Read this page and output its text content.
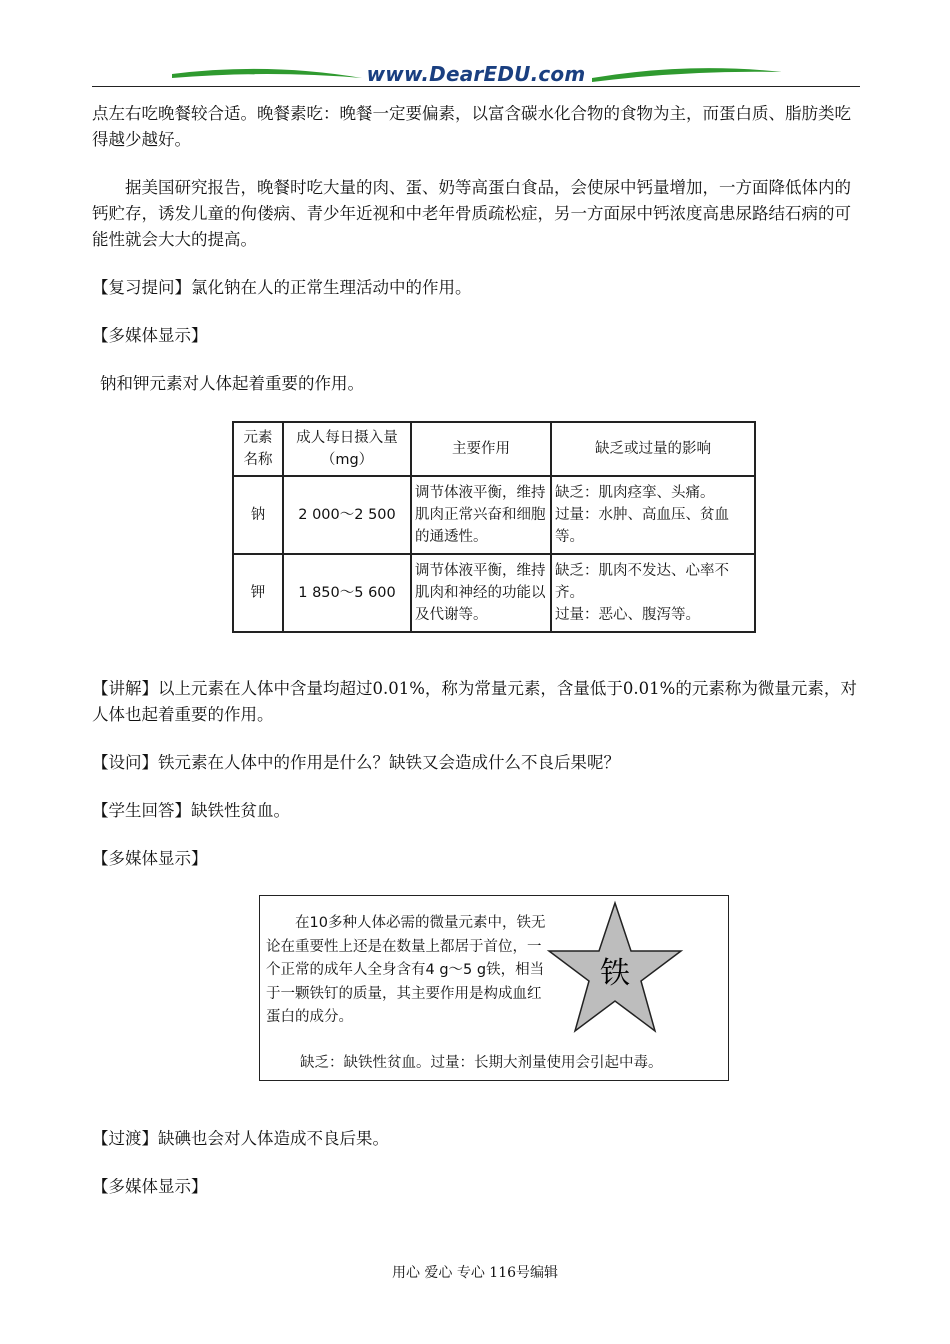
www.DearEDU.com

点左右吃晚餐较合适。晚餐素吃：晚餐一定要偏素，以富含碳水化合物的食物为主，而蛋白质、脂肪类吃得越少越好。

据美国研究报告，晚餐时吃大量的肉、蛋、奶等高蛋白食品，会使尿中钙量增加，一方面降低体内的钙贮存，诱发儿童的佝偻病、青少年近视和中老年骨质疏松症，另一方面尿中钙浓度高患尿路结石病的可能性就会大大的提高。

【复习提问】氯化钠在人的正常生理活动中的作用。

【多媒体显示】

钠和钾元素对人体起着重要的作用。

元素名称	成人每日摄入量（mg）	主要作用	缺乏或过量的影响
钠	2 000～2 500	调节体液平衡，维持肌肉正常兴奋和细胞的通透性。	缺乏：肌肉痉挛、头痛。
过量：水肿、高血压、贫血等。

钾	1 850～5 600	调节体液平衡，维持肌肉和神经的功能以及代谢等。	缺乏：肌肉不发达、心率不齐。
过量：恶心、腹泻等。

【讲解】以上元素在人体中含量均超过0.01%，称为常量元素，含量低于0.01%的元素称为微量元素，对人体也起着重要的作用。

【设问】铁元素在人体中的作用是什么？缺铁又会造成什么不良后果呢？

【学生回答】缺铁性贫血。

【多媒体显示】

在10多种人体必需的微量元素中，铁无论在重要性上还是在数量上都居于首位，一个正常的成年人全身含有4 g～5 g铁，相当于一颗铁钉的质量，其主要作用是构成血红蛋白的成分。
铁
缺乏：缺铁性贫血。过量：长期大剂量使用会引起中毒。

【过渡】缺碘也会对人体造成不良后果。

【多媒体显示】

用心 爱心 专心 116号编辑
